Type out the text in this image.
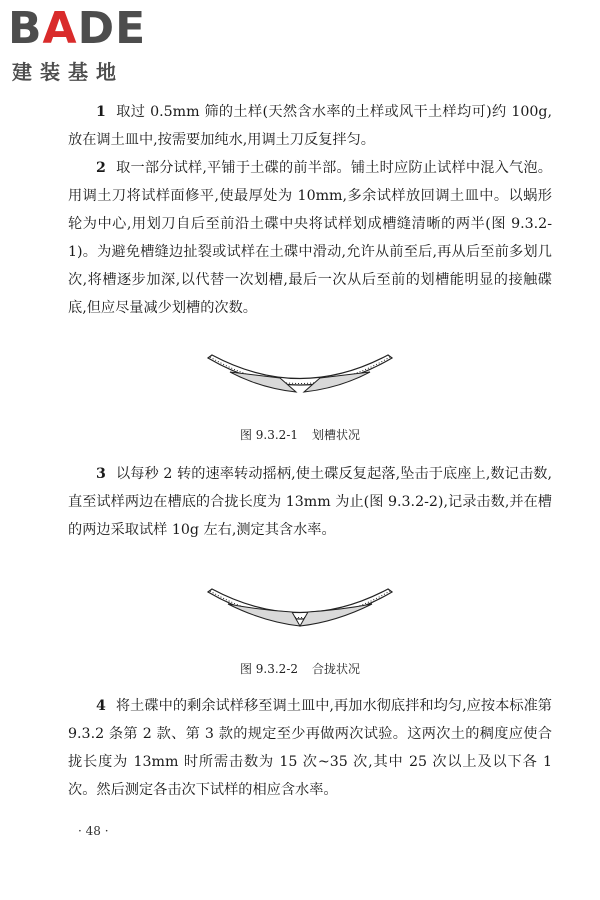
BADE
建装基地

1 取过 0.5mm 筛的土样(天然含水率的土样或风干土样均可)约 100g,放在调土皿中,按需要加纯水,用调土刀反复拌匀。

2 取一部分试样,平铺于土碟的前半部。铺土时应防止试样中混入气泡。用调土刀将试样面修平,使最厚处为 10mm,多余试样放回调土皿中。以蜗形轮为中心,用划刀自后至前沿土碟中央将试样划成槽缝清晰的两半(图 9.3.2-1)。为避免槽缝边扯裂或试样在土碟中滑动,允许从前至后,再从后至前多划几次,将槽逐步加深,以代替一次划槽,最后一次从后至前的划槽能明显的接触碟底,但应尽量减少划槽的次数。

图 9.3.2-1 划槽状况

3 以每秒 2 转的速率转动摇柄,使土碟反复起落,坠击于底座上,数记击数,直至试样两边在槽底的合拢长度为 13mm 为止(图 9.3.2-2),记录击数,并在槽的两边采取试样 10g 左右,测定其含水率。

图 9.3.2-2 合拢状况

4 将土碟中的剩余试样移至调土皿中,再加水彻底拌和均匀,应按本标准第 9.3.2 条第 2 款、第 3 款的规定至少再做两次试验。这两次土的稠度应使合拢长度为 13mm 时所需击数为 15 次~35 次,其中 25 次以上及以下各 1 次。然后测定各击次下试样的相应含水率。

· 48 ·
